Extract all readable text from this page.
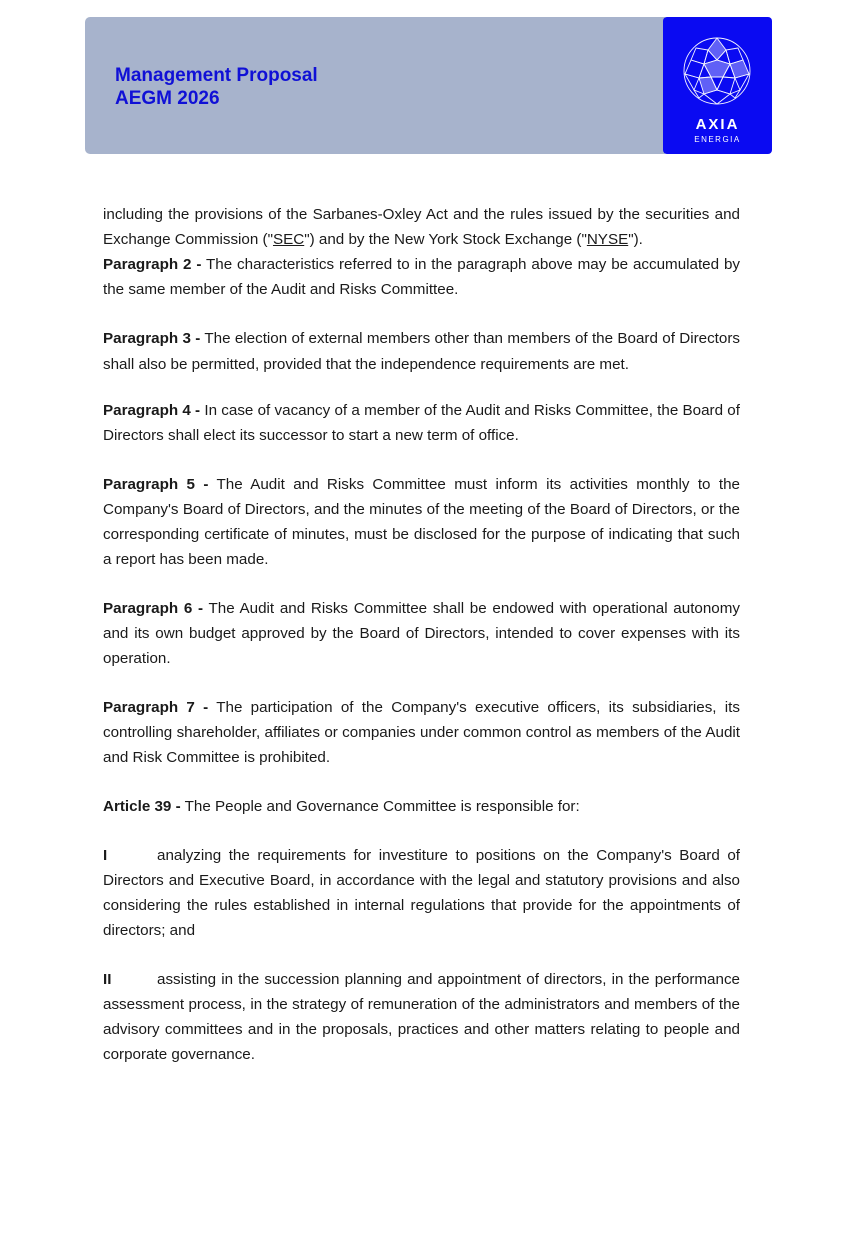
Management Proposal
AEGM 2026
AXIA
ENERGIA

including the provisions of the Sarbanes-Oxley Act and the rules issued by the securities and Exchange Commission ("SEC") and by the New York Stock Exchange ("NYSE").

Paragraph 2 - The characteristics referred to in the paragraph above may be accumulated by the same member of the Audit and Risks Committee.

Paragraph 3 - The election of external members other than members of the Board of Directors shall also be permitted, provided that the independence requirements are met.

Paragraph 4 - In case of vacancy of a member of the Audit and Risks Committee, the Board of Directors shall elect its successor to start a new term of office.

Paragraph 5 - The Audit and Risks Committee must inform its activities monthly to the Company's Board of Directors, and the minutes of the meeting of the Board of Directors, or the corresponding certificate of minutes, must be disclosed for the purpose of indicating that such a report has been made.

Paragraph 6 - The Audit and Risks Committee shall be endowed with operational autonomy and its own budget approved by the Board of Directors, intended to cover expenses with its operation.

Paragraph 7 - The participation of the Company's executive officers, its subsidiaries, its controlling shareholder, affiliates or companies under common control as members of the Audit and Risk Committee is prohibited.

Article 39 - The People and Governance Committee is responsible for:

I	analyzing the requirements for investiture to positions on the Company's Board of Directors and Executive Board, in accordance with the legal and statutory provisions and also considering the rules established in internal regulations that provide for the appointments of directors; and

II	assisting in the succession planning and appointment of directors, in the performance assessment process, in the strategy of remuneration of the administrators and members of the advisory committees and in the proposals, practices and other matters relating to people and corporate governance.
